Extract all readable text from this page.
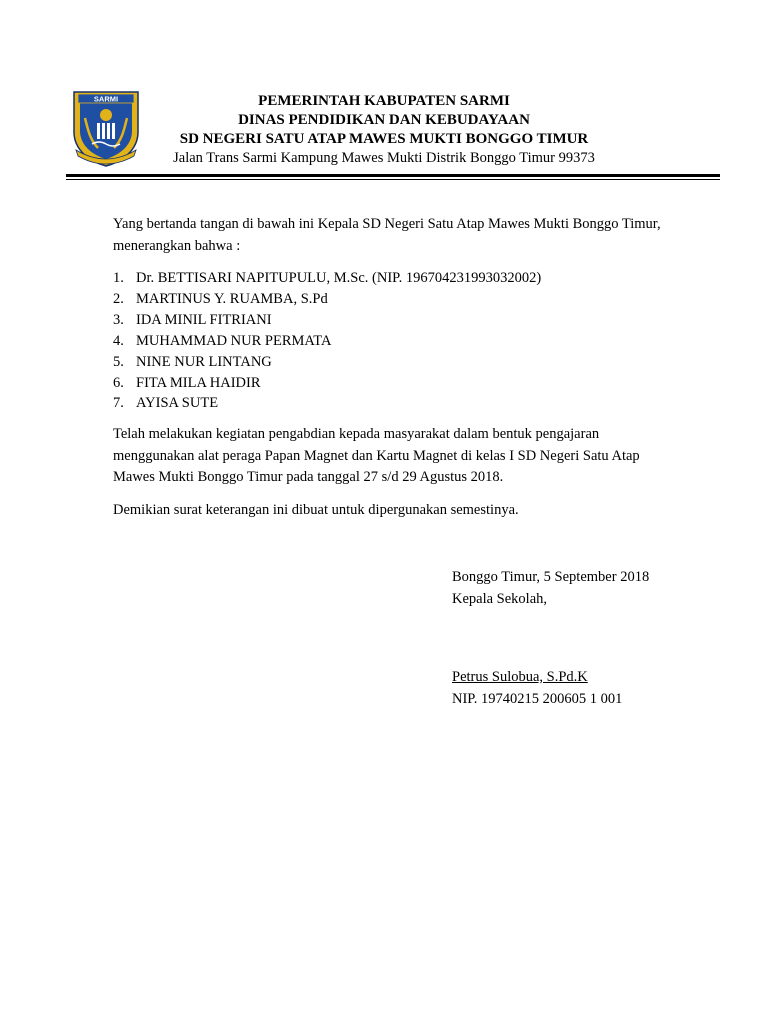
SARMI	PEMERINTAH KABUPATEN SARMI
DINAS PENDIDIKAN DAN KEBUDAYAAN
SD NEGERI SATU ATAP MAWES MUKTI BONGGO TIMUR
Jalan Trans Sarmi Kampung Mawes Mukti Distrik Bonggo Timur 99373

Yang bertanda tangan di bawah ini Kepala SD Negeri Satu Atap Mawes Mukti Bonggo Timur, menerangkan bahwa :

1. Dr. BETTISARI NAPITUPULU, M.Sc. (NIP. 196704231993032002)
2. MARTINUS Y. RUAMBA, S.Pd
3. IDA MINIL FITRIANI
4. MUHAMMAD NUR PERMATA
5. NINE NUR LINTANG
6. FITA MILA HAIDIR
7. AYISA SUTE

Telah melakukan kegiatan pengabdian kepada masyarakat dalam bentuk pengajaran menggunakan alat peraga Papan Magnet dan Kartu Magnet di kelas I SD Negeri Satu Atap Mawes Mukti Bonggo Timur pada tanggal 27 s/d 29 Agustus 2018.

Demikian surat keterangan ini dibuat untuk dipergunakan semestinya.

Bonggo Timur, 5 September 2018
Kepala Sekolah,
Petrus Sulobua, S.Pd.K
NIP. 19740215 200605 1 001
